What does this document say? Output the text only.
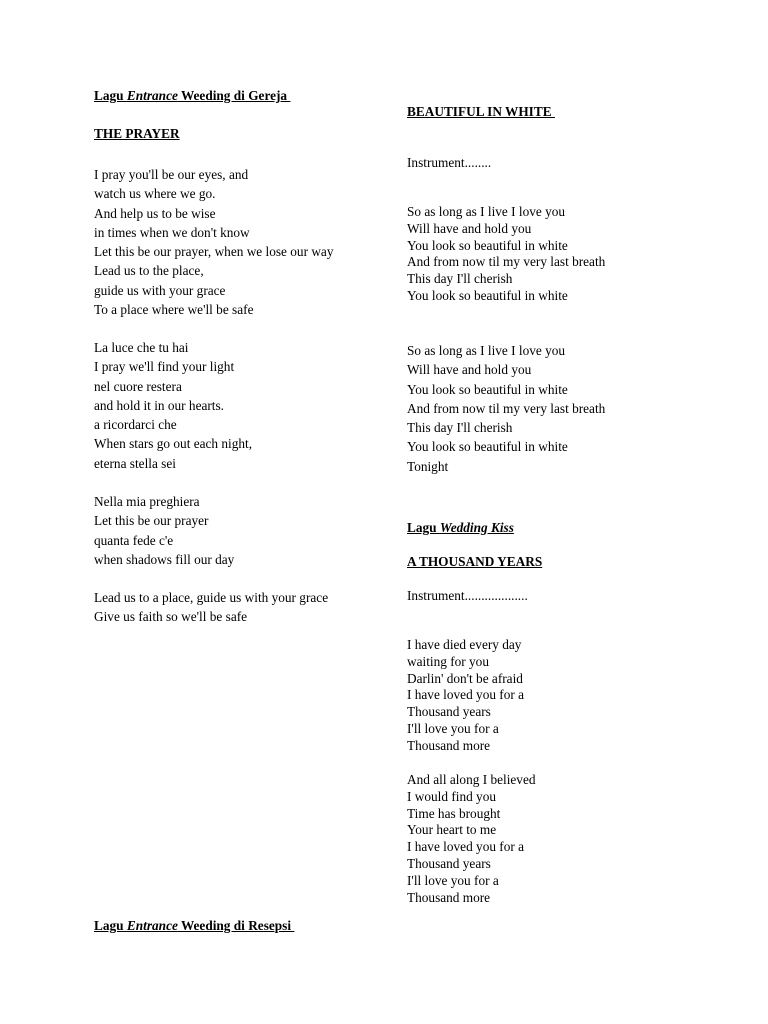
Lagu Entrance Weeding di Gereja
THE PRAYER
I pray you'll be our eyes, and
watch us where we go.
And help us to be wise
in times when we don't know
Let this be our prayer, when we lose our way
Lead us to the place,
guide us with your grace
To a place where we'll be safe
La luce che tu hai
I pray we'll find your light
nel cuore restera
and hold it in our hearts.
a ricordarci che
When stars go out each night,
eterna stella sei
Nella mia preghiera
Let this be our prayer
quanta fede c'e
when shadows fill our day
Lead us to a place, guide us with your grace
Give us faith so we'll be safe
Lagu Entrance Weeding di Resepsi
BEAUTIFUL IN WHITE
Instrument........
So as long as I live I love you
Will have and hold you
You look so beautiful in white
And from now til my very last breath
This day I'll cherish
You look so beautiful in white
So as long as I live I love you
Will have and hold you
You look so beautiful in white
And from now til my very last breath
This day I'll cherish
You look so beautiful in white
Tonight
Lagu Wedding Kiss
A THOUSAND YEARS
Instrument...................
I have died every day
waiting for you
Darlin' don't be afraid
I have loved you for a
Thousand years
I'll love you for a
Thousand more
And all along I believed
I would find you
Time has brought
Your heart to me
I have loved you for a
Thousand years
I'll love you for a
Thousand more
